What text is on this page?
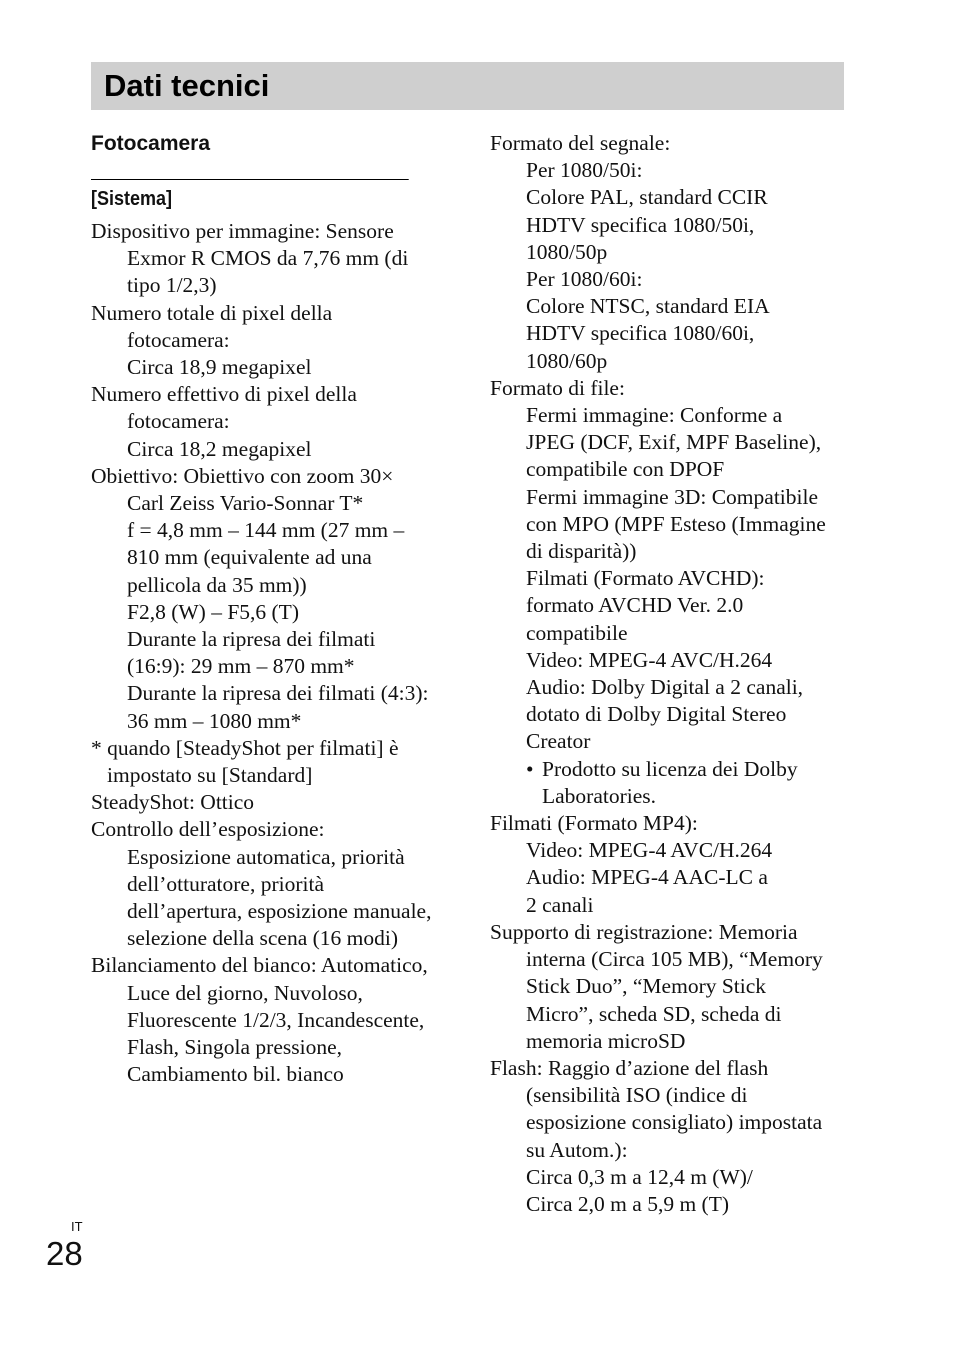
Dati tecnici
Fotocamera
[Sistema]
Dispositivo per immagine: Sensore
Exmor R CMOS da 7,76 mm (di
tipo 1/2,3)
Numero totale di pixel della
fotocamera:
Circa 18,9 megapixel
Numero effettivo di pixel della
fotocamera:
Circa 18,2 megapixel
Obiettivo: Obiettivo con zoom 30×
Carl Zeiss Vario-Sonnar T*
f = 4,8 mm – 144 mm (27 mm –
810 mm (equivalente ad una
pellicola da 35 mm))
F2,8 (W) – F5,6 (T)
Durante la ripresa dei filmati
(16:9): 29 mm – 870 mm*
Durante la ripresa dei filmati (4:3):
36 mm – 1080 mm*
* quando [SteadyShot per filmati] è
impostato su [Standard]
SteadyShot: Ottico
Controllo dell’esposizione:
Esposizione automatica, priorità
dell’otturatore, priorità
dell’apertura, esposizione manuale,
selezione della scena (16 modi)
Bilanciamento del bianco: Automatico,
Luce del giorno, Nuvoloso,
Fluorescente 1/2/3, Incandescente,
Flash, Singola pressione,
Cambiamento bil. bianco
Formato del segnale:
Per 1080/50i:
Colore PAL, standard CCIR
HDTV specifica 1080/50i,
1080/50p
Per 1080/60i:
Colore NTSC, standard EIA
HDTV specifica 1080/60i,
1080/60p
Formato di file:
Fermi immagine: Conforme a
JPEG (DCF, Exif, MPF Baseline),
compatibile con DPOF
Fermi immagine 3D: Compatibile
con MPO (MPF Esteso (Immagine
di disparità))
Filmati (Formato AVCHD):
formato AVCHD Ver. 2.0
compatibile
Video: MPEG-4 AVC/H.264
Audio: Dolby Digital a 2 canali,
dotato di Dolby Digital Stereo
Creator
• Prodotto su licenza dei Dolby
Laboratories.
Filmati (Formato MP4):
Video: MPEG-4 AVC/H.264
Audio: MPEG-4 AAC-LC a
2 canali
Supporto di registrazione: Memoria
interna (Circa 105 MB), “Memory
Stick Duo”, “Memory Stick
Micro”, scheda SD, scheda di
memoria microSD
Flash: Raggio d’azione del flash
(sensibilità ISO (indice di
esposizione consigliato) impostata
su Autom.):
Circa 0,3 m a 12,4 m (W)/
Circa 2,0 m a 5,9 m (T)
IT
28
